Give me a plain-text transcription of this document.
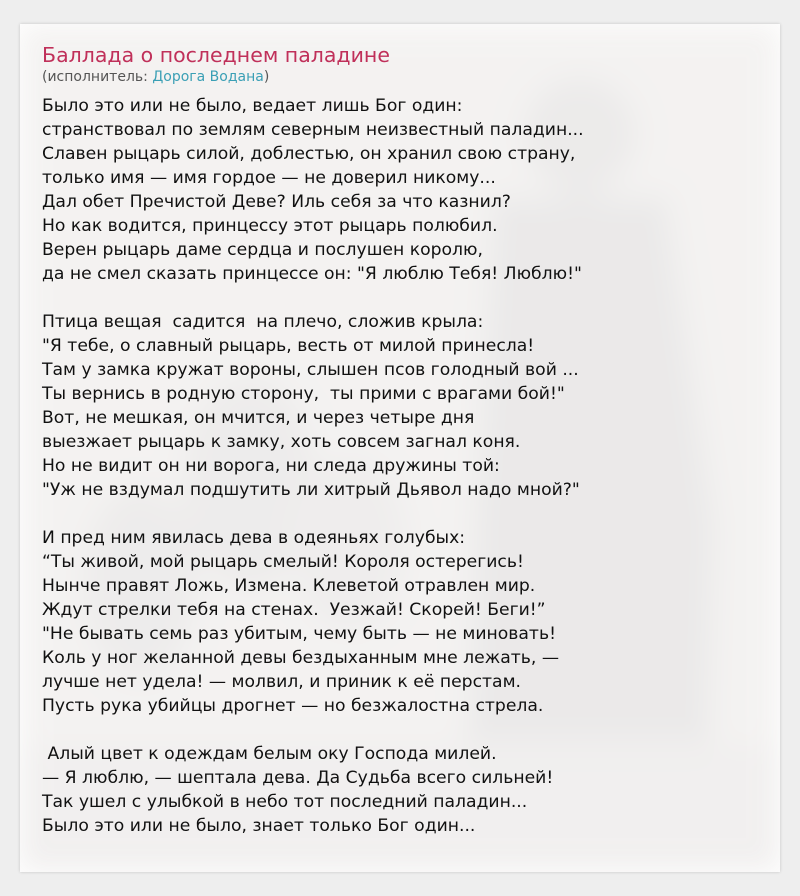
Баллада о последнем паладине
(исполнитель: Дорога Водана)
Было это или не было, ведает лишь Бог один:
странствовал по землям северным неизвестный паладин...
Славен рыцарь силой, доблестью, он хранил свою страну,
только имя — имя гордое — не доверил никому...
Дал обет Пречистой Деве? Иль себя за что казнил?
Но как водится, принцессу этот рыцарь полюбил.
Верен рыцарь даме сердца и послушен королю,
да не смел сказать принцессе он: "Я люблю Тебя! Люблю!"
Птица вещая  садится  на плечо, сложив крыла:
"Я тебе, о славный рыцарь, весть от милой принесла!
Там у замка кружат вороны, слышен псов голодный вой ...
Ты вернись в родную сторону,  ты прими с врагами бой!"
Вот, не мешкая, он мчится, и через четыре дня
выезжает рыцарь к замку, хоть совсем загнал коня.
Но не видит он ни ворога, ни следа дружины той:
"Уж не вздумал подшутить ли хитрый Дьявол надо мной?"
И пред ним явилась дева в одеяньях голубых:
“Ты живой, мой рыцарь смелый! Короля остерегись!
Нынче правят Ложь, Измена. Клеветой отравлен мир.
Ждут стрелки тебя на стенах.  Уезжай! Скорей! Беги!”
"Не бывать семь раз убитым, чему быть — не миновать!
Коль у ног желанной девы бездыханным мне лежать, —
лучше нет удела! — молвил, и приник к её перстам.
Пусть рука убийцы дрогнет — но безжалостна стрела.
Алый цвет к одеждам белым оку Господа милей.
— Я люблю, — шептала дева. Да Судьба всего сильней!
Так ушел с улыбкой в небо тот последний паладин...
Было это или не было, знает только Бог один...
